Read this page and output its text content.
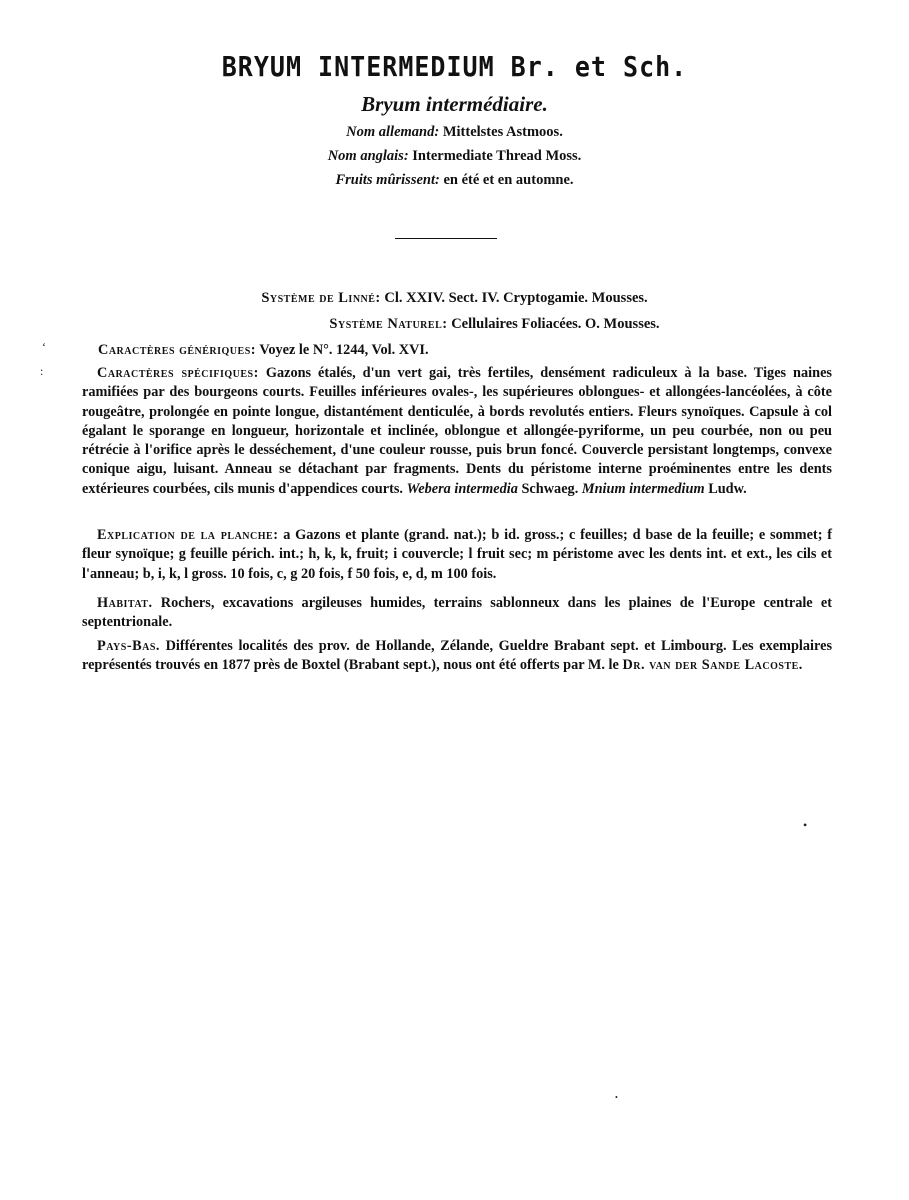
BRYUM INTERMEDIUM Br. et Sch.
Bryum intermédiaire.
Nom allemand: Mittelstes Astmoos.
Nom anglais: Intermediate Thread Moss.
Fruits mûrissent: en été et en automne.
Système de Linné: Cl. XXIV. Sect. IV. Cryptogamie. Mousses.
Système Naturel: Cellulaires Foliacées. O. Mousses.
Caractères génériques: Voyez le N°. 1244, Vol. XVI.
Caractères spécifiques: Gazons étalés, d'un vert gai, très fertiles, densément radiculeux à la base. Tiges naines ramifiées par des bourgeons courts. Feuilles inférieures ovales-, les supérieures oblongues- et allongées-lancéolées, à côte rougeâtre, prolongée en pointe longue, distantément denticulée, à bords revolutés entiers. Fleurs synoïques. Capsule à col égalant le sporange en longueur, horizontale et inclinée, oblongue et allongée-pyriforme, un peu courbée, non ou peu rétrécie à l'orifice après le desséchement, d'une couleur rousse, puis brun foncé. Couvercle persistant longtemps, convexe conique aigu, luisant. Anneau se détachant par fragments. Dents du péristome interne proéminentes entre les dents extérieures courbées, cils munis d'appendices courts. Webera intermedia Schwaeg. Mnium intermedium Ludw.
Explication de la planche: a Gazons et plante (grand. nat.); b id. gross.; c feuilles; d base de la feuille; e sommet; f fleur synoïque; g feuille périch. int.; h, k, k, fruit; i couvercle; l fruit sec; m péristome avec les dents int. et ext., les cils et l'anneau; b, i, k, l gross. 10 fois, c, g 20 fois, f 50 fois, e, d, m 100 fois.
Habitat. Rochers, excavations argileuses humides, terrains sablonneux dans les plaines de l'Europe centrale et septentrionale.
Pays-Bas. Différentes localités des prov. de Hollande, Zélande, Gueldre Brabant sept. et Limbourg. Les exemplaires représentés trouvés en 1877 près de Boxtel (Brabant sept.), nous ont été offerts par M. le Dr. van der Sande Lacoste.
ʻ
:
•
•
